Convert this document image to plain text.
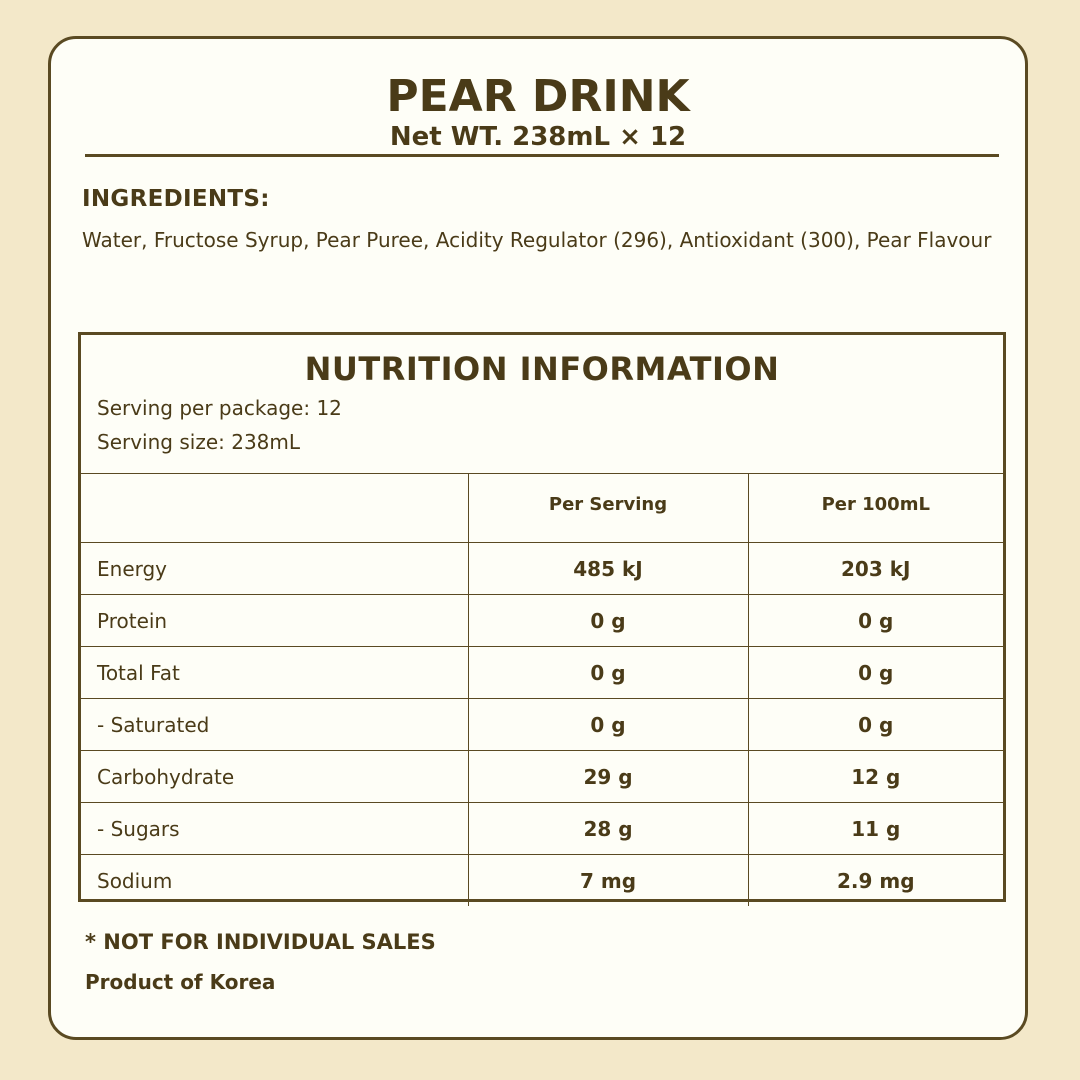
PEAR DRINK
Net WT. 238mL × 12
INGREDIENTS:
Water, Fructose Syrup, Pear Puree, Acidity Regulator (296), Antioxidant (300), Pear Flavour
NUTRITION INFORMATION
Serving per package: 12
Serving size: 238mL
	Per Serving	Per 100mL
Energy	485 kJ	203 kJ
Protein	0 g	0 g
Total Fat	0 g	0 g
- Saturated	0 g	0 g
Carbohydrate	29 g	12 g
- Sugars	28 g	11 g
Sodium	7 mg	2.9 mg
* NOT FOR INDIVIDUAL SALES
Product of Korea
